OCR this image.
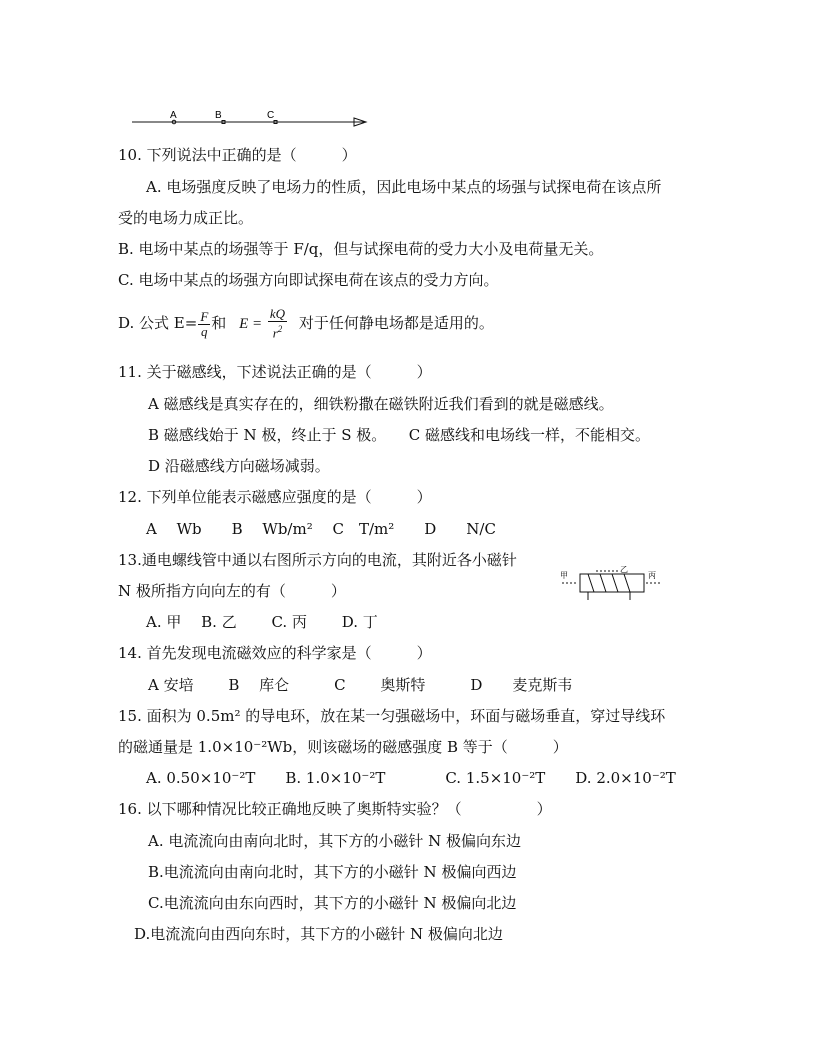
A	B	C
10. 下列说法中正确的是（　　　）
A. 电场强度反映了电场力的性质，因此电场中某点的场强与试探电荷在该点所
受的电场力成正比。
B. 电场中某点的场强等于 F/q，但与试探电荷的受力大小及电荷量无关。
C. 电场中某点的场强方向即试探电荷在该点的受力方向。
D. 公式 $E= \frac{F}{q}$ 和 $E = \frac{kQ}{r^2}$ 对于任何静电场都是适用的。
11. 关于磁感线，下述说法正确的是（　　　）
A 磁感线是真实存在的，细铁粉撒在磁铁附近我们看到的就是磁感线。
B 磁感线始于 N 极，终止于 S 极。　　C 磁感线和电场线一样，不能相交。
D 沿磁感线方向磁场减弱。
12. 下列单位能表示磁感应强度的是（　　　）
A　 Wb　　B　 Wb/m²　 C　T/m²　　D　　N/C
13.通电螺线管中通以右图所示方向的电流，其附近各小磁针
N 极所指方向向左的有（　　　）
A. 甲　 B. 乙　　 C. 丙　　 D. 丁
甲
乙
丙
14. 首先发现电流磁效应的科学家是（　　　）
A 安培　　 B　 库仑　　　C　　 奥斯特　　　D　　麦克斯韦
15. 面积为 0.5m² 的导电环，放在某一匀强磁场中，环面与磁场垂直，穿过导线环
的磁通量是 1.0×10⁻²Wb，则该磁场的磁感强度 B 等于（　　　）
A. 0.50×10⁻²T　　B. 1.0×10⁻²T　　　　C. 1.5×10⁻²T　　D. 2.0×10⁻²T
16. 以下哪种情况比较正确地反映了奥斯特实验？（　　　　　）
A. 电流流向由南向北时，其下方的小磁针 N 极偏向东边
B.电流流向由南向北时，其下方的小磁针 N 极偏向西边
C.电流流向由东向西时，其下方的小磁针 N 极偏向北边
D.电流流向由西向东时，其下方的小磁针 N 极偏向北边
